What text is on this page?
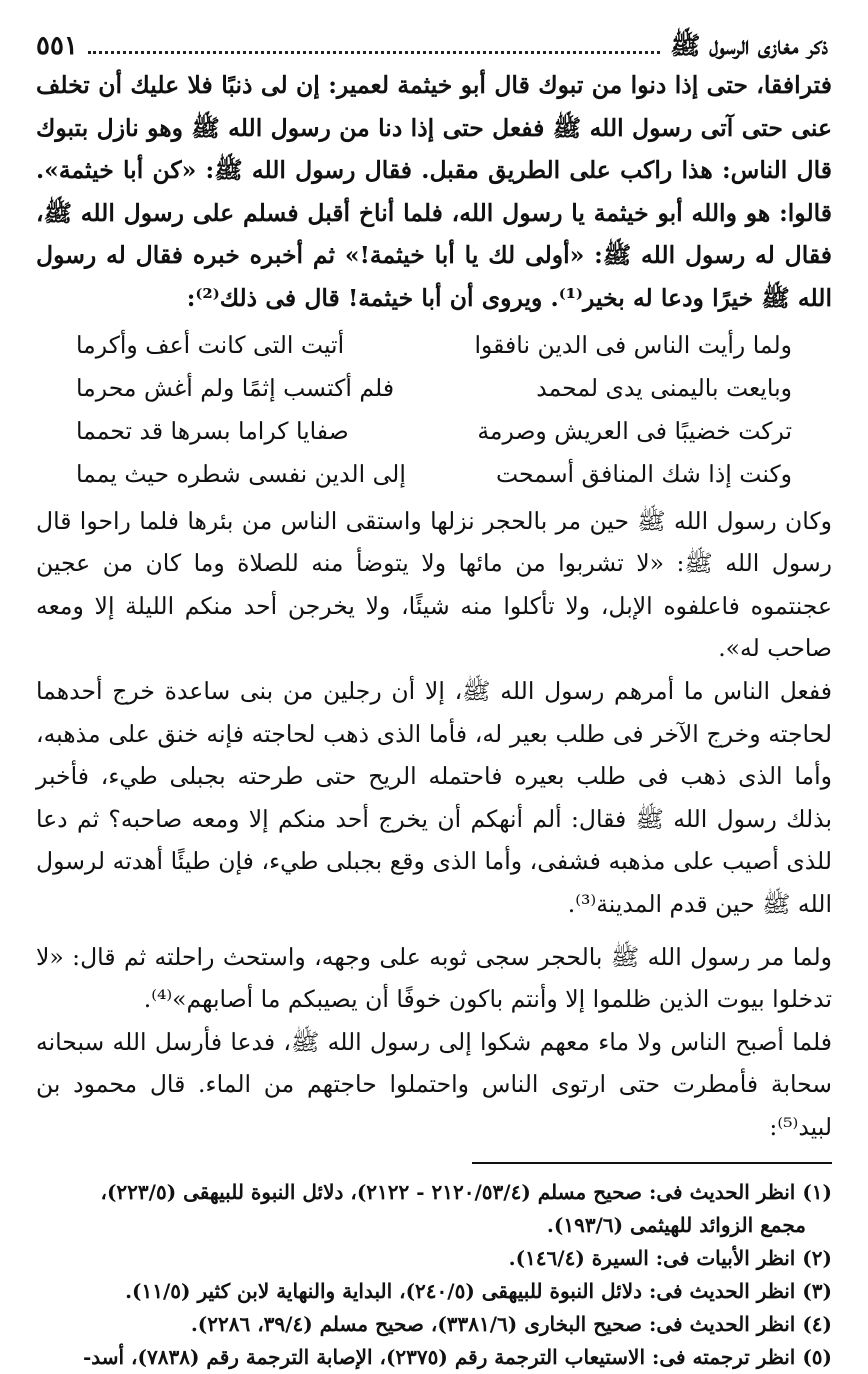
ذكر مغازى الرسول ﷺ
٥٥١

فترافقا، حتى إذا دنوا من تبوك قال أبو خيثمة لعمير: إن لى ذنبًا فلا عليك أن تخلف عنى حتى آتى رسول الله ﷺ ففعل حتى إذا دنا من رسول الله ﷺ وهو نازل بتبوك قال الناس: هذا راكب على الطريق مقبل. فقال رسول الله ﷺ: «كن أبا خيثمة». قالوا: هو والله أبو خيثمة يا رسول الله، فلما أناخ أقبل فسلم على رسول الله ﷺ، فقال له رسول الله ﷺ: «أولى لك يا أبا خيثمة!» ثم أخبره خبره فقال له رسول الله ﷺ خيرًا ودعا له بخير⁽¹⁾. ويروى أن أبا خيثمة! قال فى ذلك⁽²⁾:

ولما رأيت الناس فى الدين نافقوا
أتيت التى كانت أعف وأكرما
وبايعت باليمنى يدى لمحمد
فلم أكتسب إثمًا ولم أغش محرما
تركت خضيبًا فى العريش وصرمة
صفايا كراما بسرها قد تحمما
وكنت إذا شك المنافق أسمحت
إلى الدين نفسى شطره حيث يمما

وكان رسول الله ﷺ حين مر بالحجر نزلها واستقى الناس من بئرها فلما راحوا قال رسول الله ﷺ: «لا تشربوا من مائها ولا يتوضأ منه للصلاة وما كان من عجين عجنتموه فاعلفوه الإبل، ولا تأكلوا منه شيئًا، ولا يخرجن أحد منكم الليلة إلا ومعه صاحب له».

ففعل الناس ما أمرهم رسول الله ﷺ، إلا أن رجلين من بنى ساعدة خرج أحدهما لحاجته وخرج الآخر فى طلب بعير له، فأما الذى ذهب لحاجته فإنه خنق على مذهبه، وأما الذى ذهب فى طلب بعيره فاحتمله الريح حتى طرحته بجبلى طيء، فأخبر بذلك رسول الله ﷺ فقال: ألم أنهكم أن يخرج أحد منكم إلا ومعه صاحبه؟ ثم دعا للذى أصيب على مذهبه فشفى، وأما الذى وقع بجبلى طيء، فإن طيئًا أهدته لرسول الله ﷺ حين قدم المدينة⁽³⁾.

ولما مر رسول الله ﷺ بالحجر سجى ثوبه على وجهه، واستحث راحلته ثم قال: «لا تدخلوا بيوت الذين ظلموا إلا وأنتم باكون خوفًا أن يصيبكم ما أصابهم»⁽⁴⁾.

فلما أصبح الناس ولا ماء معهم شكوا إلى رسول الله ﷺ، فدعا فأرسل الله سبحانه سحابة فأمطرت حتى ارتوى الناس واحتملوا حاجتهم من الماء. قال محمود بن لبيد⁽⁵⁾:

(١) انظر الحديث فى: صحيح مسلم (٢١٢٠/٥٣/٤ - ٢١٢٢)، دلائل النبوة للبيهقى (٢٢٣/٥)،

مجمع الزوائد للهيثمى (١٩٣/٦).

(٢) انظر الأبيات فى: السيرة (١٤٦/٤).

(٣) انظر الحديث فى: دلائل النبوة للبيهقى (٢٤٠/٥)، البداية والنهاية لابن كثير (١١/٥).

(٤) انظر الحديث فى: صحيح البخارى (٣٣٨١/٦)، صحيح مسلم (٣٩/٤، ٢٢٨٦).

(٥) انظر ترجمته فى: الاستيعاب الترجمة رقم (٢٣٧٥)، الإصابة الترجمة رقم (٧٨٣٨)، أسد-
